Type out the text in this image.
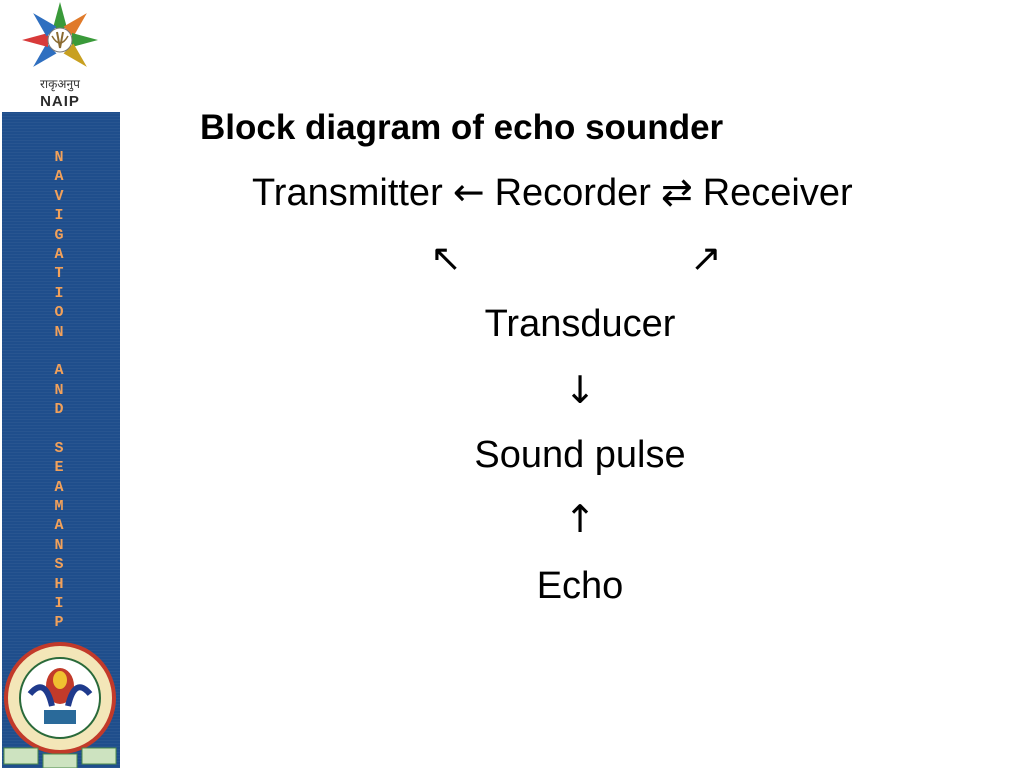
राकृअनुप
NAIP
N
A
V
I
G
A
T
I
O
N

A
N
D

S
E
A
M
A
N
S
H
I
P
Block diagram of echo sounder
Transmitter ← Recorder ⇄ Receiver
↖	↗
Transducer
↓
Sound pulse
↑
Echo
